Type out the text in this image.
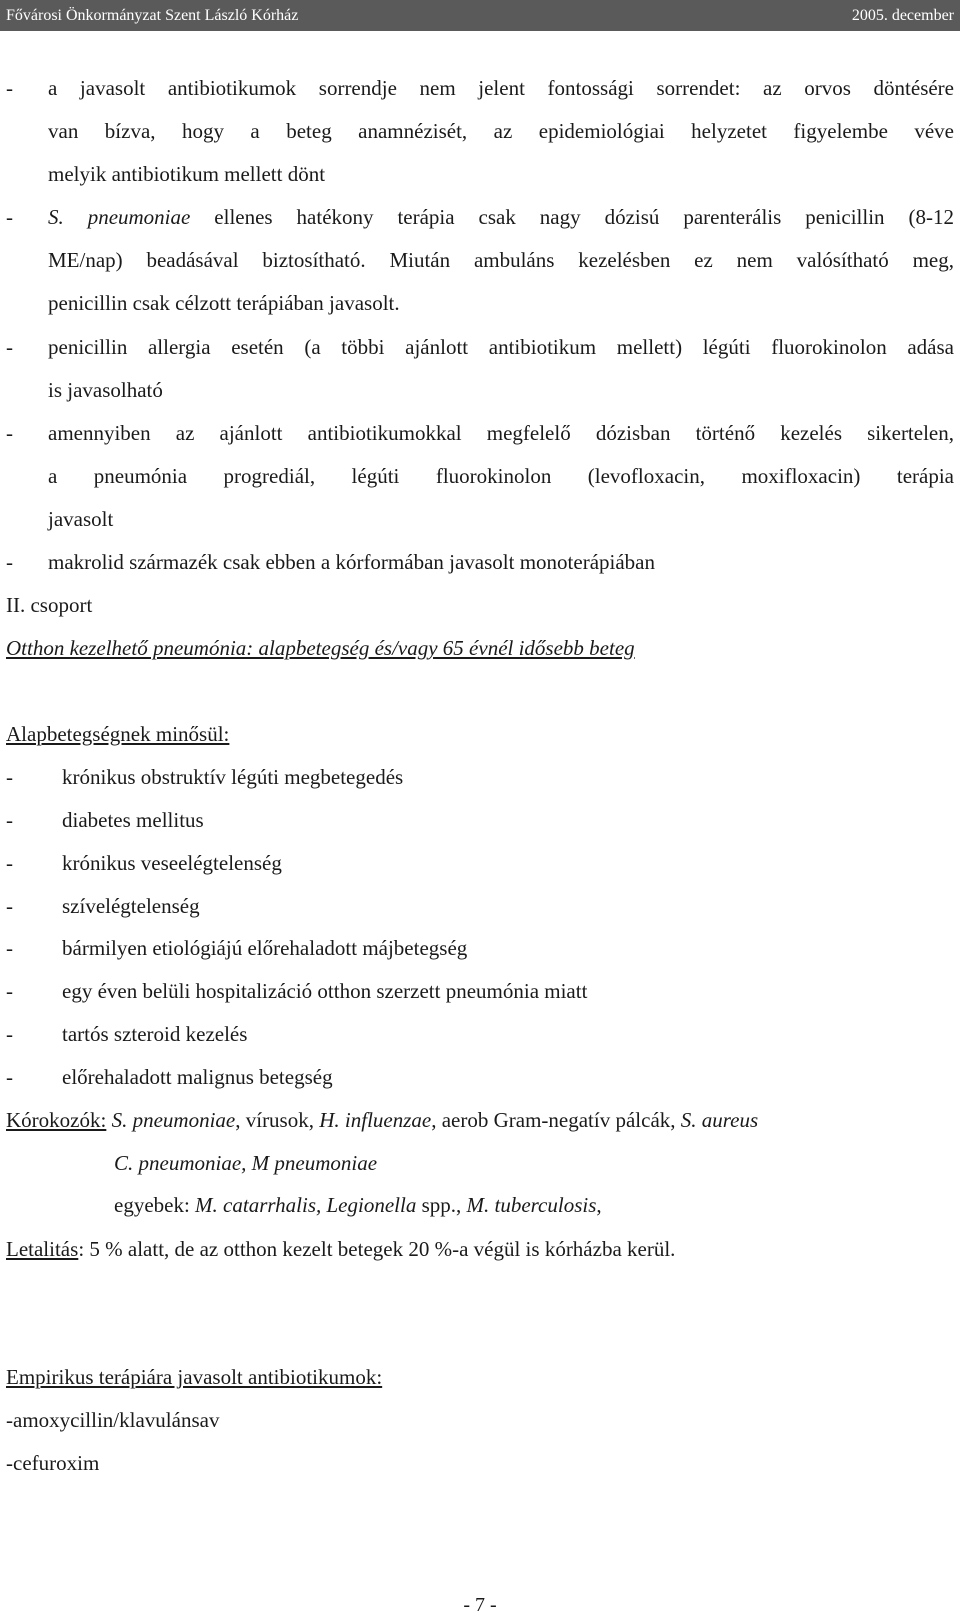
Fővárosi Önkormányzat Szent László Kórház	2005. december
- a javasolt antibiotikumok sorrendje nem jelent fontossági sorrendet: az orvos döntésére
van bízva, hogy a beteg anamnézisét, az epidemiológiai helyzetet figyelembe véve
melyik antibiotikum mellett dönt
- S. pneumoniae ellenes hatékony terápia csak nagy dózisú parenterális penicillin (8-12
ME/nap) beadásával biztosítható. Miután ambuláns kezelésben ez nem valósítható meg,
penicillin csak célzott terápiában javasolt.
- penicillin allergia esetén (a többi ajánlott antibiotikum mellett) légúti fluorokinolon adása
is javasolható
- amennyiben az ajánlott antibiotikumokkal megfelelő dózisban történő kezelés sikertelen,
a pneumónia progrediál, légúti fluorokinolon (levofloxacin, moxifloxacin) terápia
javasolt
- makrolid származék csak ebben a kórformában javasolt monoterápiában
II. csoport
Otthon kezelhető pneumónia: alapbetegség és/vagy 65 évnél idősebb beteg
Alapbetegségnek minősül:
- krónikus obstruktív légúti megbetegedés
- diabetes mellitus
- krónikus veseelégtelenség
- szívelégtelenség
- bármilyen etiológiájú előrehaladott májbetegség
- egy éven belüli hospitalizáció otthon szerzett pneumónia miatt
- tartós szteroid kezelés
- előrehaladott malignus betegség
Kórokozók: S. pneumoniae, vírusok, H. influenzae, aerob Gram-negatív pálcák, S. aureus
C. pneumoniae, M pneumoniae
egyebek: M. catarrhalis, Legionella spp., M. tuberculosis,
Letalitás: 5 % alatt, de az otthon kezelt betegek 20 %-a végül is kórházba kerül.
Empirikus terápiára javasolt antibiotikumok:
-amoxycillin/klavulánsav
-cefuroxim
- 7 -
